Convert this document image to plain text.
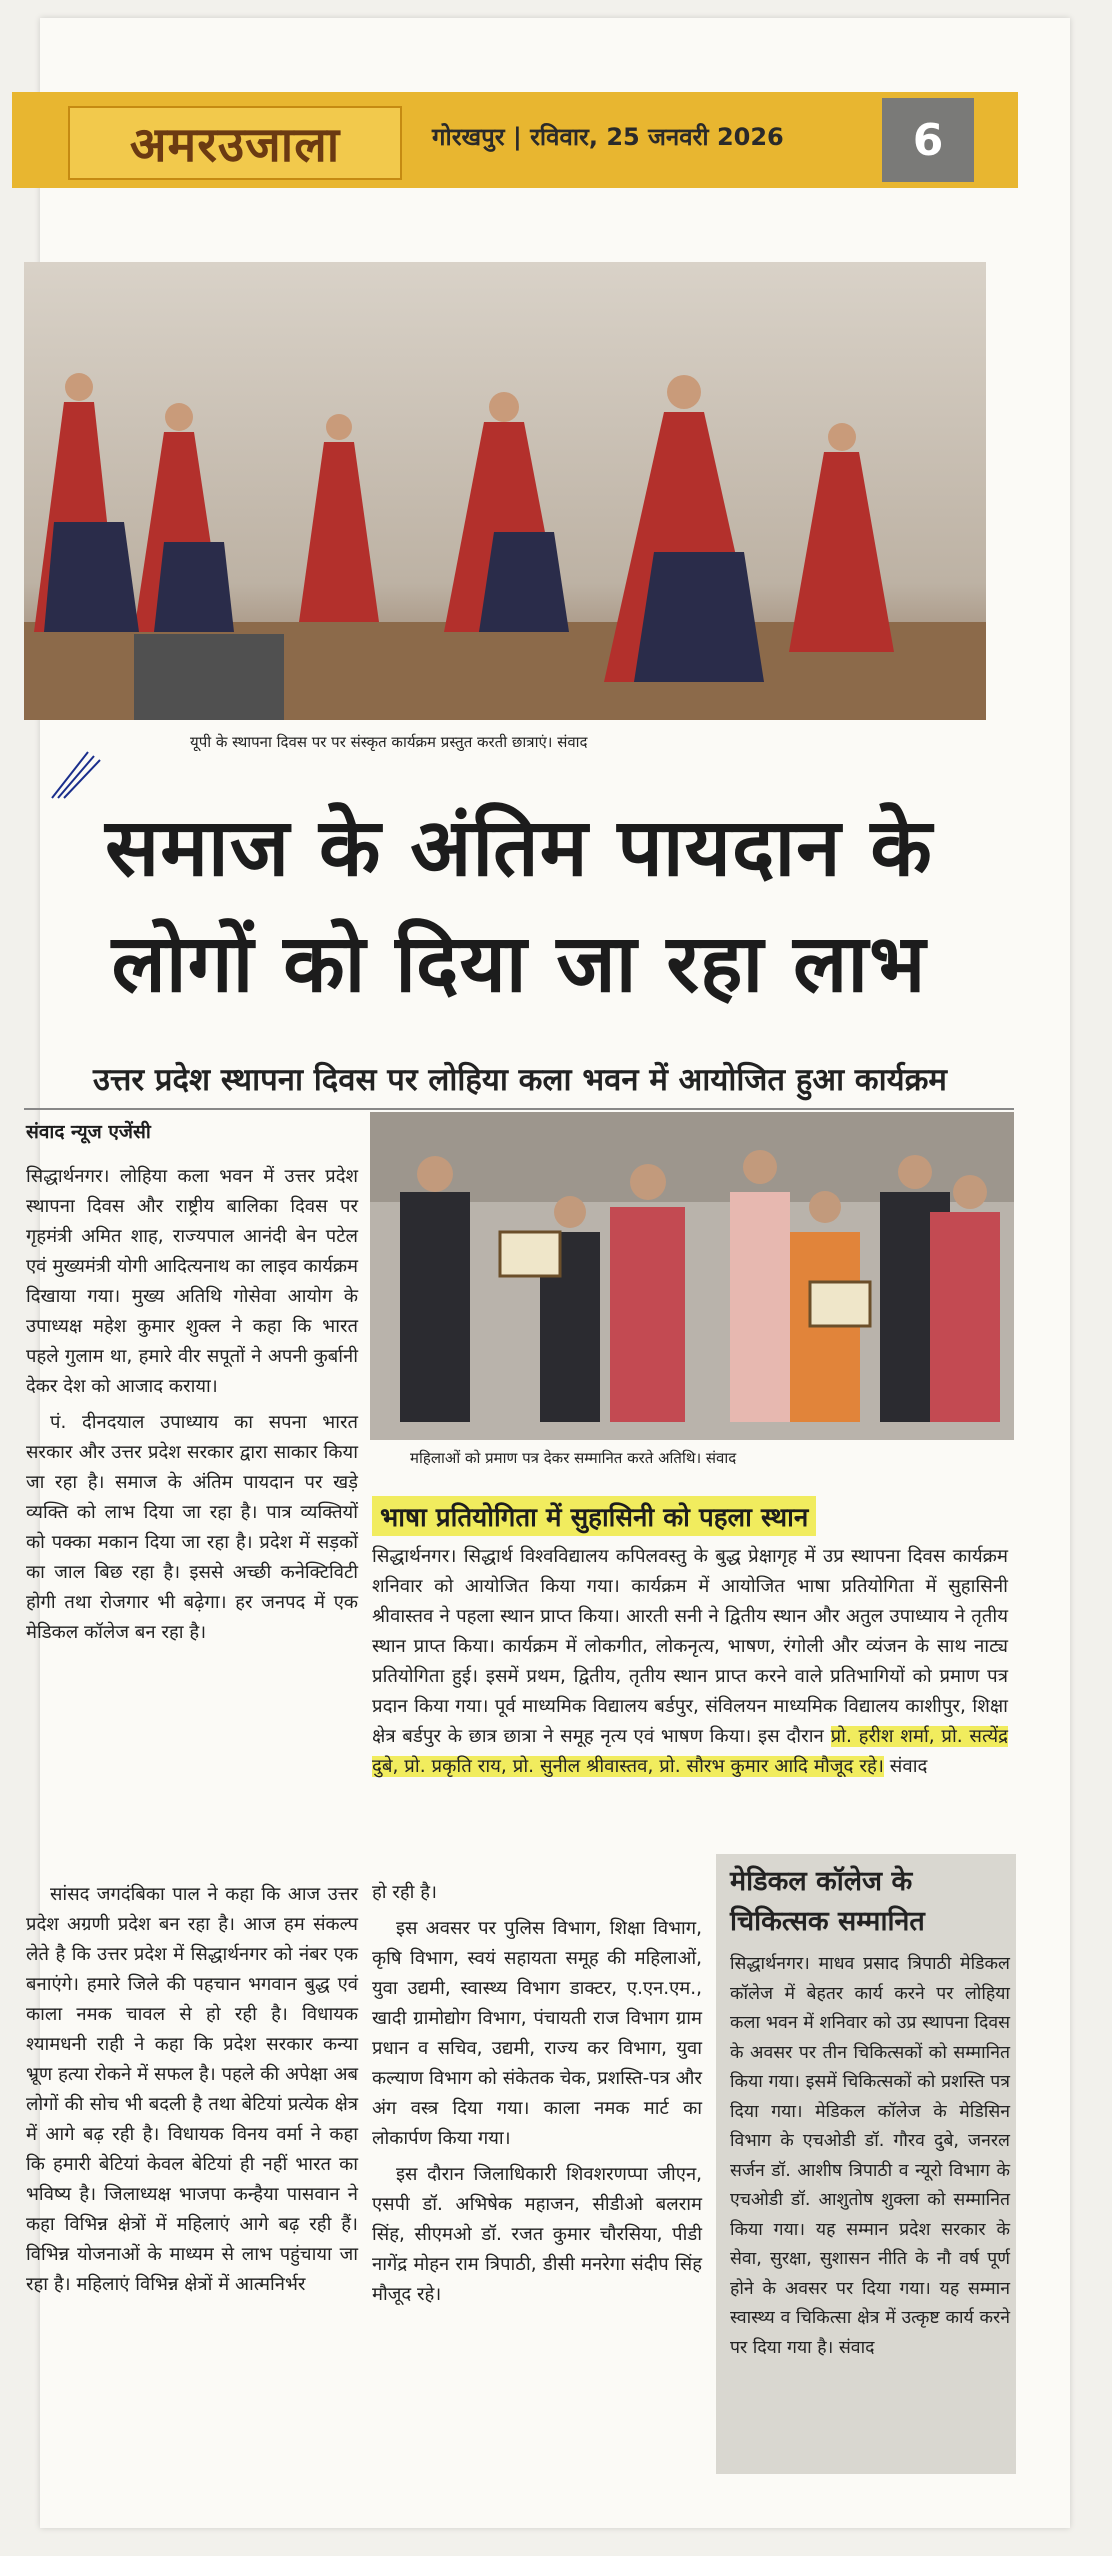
अमरउजाला	गोरखपुर | रविवार, 25 जनवरी 2026	6
यूपी के स्थापना दिवस पर पर संस्कृत कार्यक्रम प्रस्तुत करती छात्राएं। संवाद
समाज के अंतिम पायदान के
लोगों को दिया जा रहा लाभ
उत्तर प्रदेश स्थापना दिवस पर लोहिया कला भवन में आयोजित हुआ कार्यक्रम
संवाद न्यूज एजेंसी

सिद्धार्थनगर। लोहिया कला भवन में उत्तर प्रदेश स्थापना दिवस और राष्ट्रीय बालिका दिवस पर गृहमंत्री अमित शाह, राज्यपाल आनंदी बेन पटेल एवं मुख्यमंत्री योगी आदित्यनाथ का लाइव कार्यक्रम दिखाया गया। मुख्य अतिथि गोसेवा आयोग के उपाध्यक्ष महेश कुमार शुक्ल ने कहा कि भारत पहले गुलाम था, हमारे वीर सपूतों ने अपनी कुर्बानी देकर देश को आजाद कराया।

पं. दीनदयाल उपाध्याय का सपना भारत सरकार और उत्तर प्रदेश सरकार द्वारा साकार किया जा रहा है। समाज के अंतिम पायदान पर खड़े व्यक्ति को लाभ दिया जा रहा है। पात्र व्यक्तियों को पक्का मकान दिया जा रहा है। प्रदेश में सड़कों का जाल बिछ रहा है। इससे अच्छी कनेक्टिविटी होगी तथा रोजगार भी बढ़ेगा। हर जनपद में एक मेडिकल कॉलेज बन रहा है।

सांसद जगदंबिका पाल ने कहा कि आज उत्तर प्रदेश अग्रणी प्रदेश बन रहा है। आज हम संकल्प लेते है कि उत्तर प्रदेश में सिद्धार्थनगर को नंबर एक बनाएंगे। हमारे जिले की पहचान भगवान बुद्ध एवं काला नमक चावल से हो रही है। विधायक श्यामधनी राही ने कहा कि प्रदेश सरकार कन्या भ्रूण हत्या रोकने में सफल है। पहले की अपेक्षा अब लोगों की सोच भी बदली है तथा बेटियां प्रत्येक क्षेत्र में आगे बढ़ रही है। विधायक विनय वर्मा ने कहा कि हमारी बेटियां केवल बेटियां ही नहीं भारत का भविष्य है। जिलाध्यक्ष भाजपा कन्हैया पासवान ने कहा विभिन्न क्षेत्रों में महिलाएं आगे बढ़ रही हैं। विभिन्न योजनाओं के माध्यम से लाभ पहुंचाया जा रहा है। महिलाएं विभिन्न क्षेत्रों में आत्मनिर्भर

महिलाओं को प्रमाण पत्र देकर सम्मानित करते अतिथि। संवाद
भाषा प्रतियोगिता में सुहासिनी को पहला स्थान
सिद्धार्थनगर। सिद्धार्थ विश्वविद्यालय कपिलवस्तु के बुद्ध प्रेक्षागृह में उप्र स्थापना दिवस कार्यक्रम शनिवार को आयोजित किया गया। कार्यक्रम में आयोजित भाषा प्रतियोगिता में सुहासिनी श्रीवास्तव ने पहला स्थान प्राप्त किया। आरती सनी ने द्वितीय स्थान और अतुल उपाध्याय ने तृतीय स्थान प्राप्त किया। कार्यक्रम में लोकगीत, लोकनृत्य, भाषण, रंगोली और व्यंजन के साथ नाट्य प्रतियोगिता हुई। इसमें प्रथम, द्वितीय, तृतीय स्थान प्राप्त करने वाले प्रतिभागियों को प्रमाण पत्र प्रदान किया गया। पूर्व माध्यमिक विद्यालय बर्डपुर, संविलयन माध्यमिक विद्यालय काशीपुर, शिक्षा क्षेत्र बर्डपुर के छात्र छात्रा ने समूह नृत्य एवं भाषण किया। इस दौरान प्रो. हरीश शर्मा, प्रो. सत्येंद्र दुबे, प्रो. प्रकृति राय, प्रो. सुनील श्रीवास्तव, प्रो. सौरभ कुमार आदि मौजूद रहे। संवाद

हो रही है।

इस अवसर पर पुलिस विभाग, शिक्षा विभाग, कृषि विभाग, स्वयं सहायता समूह की महिलाओं, युवा उद्यमी, स्वास्थ्य विभाग डाक्टर, ए.एन.एम., खादी ग्रामोद्योग विभाग, पंचायती राज विभाग ग्राम प्रधान व सचिव, उद्यमी, राज्य कर विभाग, युवा कल्याण विभाग को संकेतक चेक, प्रशस्ति-पत्र और अंग वस्त्र दिया गया। काला नमक मार्ट का लोकार्पण किया गया।

इस दौरान जिलाधिकारी शिवशरणप्पा जीएन, एसपी डॉ. अभिषेक महाजन, सीडीओ बलराम सिंह, सीएमओ डॉ. रजत कुमार चौरसिया, पीडी नागेंद्र मोहन राम त्रिपाठी, डीसी मनरेगा संदीप सिंह मौजूद रहे।

मेडिकल कॉलेज के चिकित्सक सम्मानित

सिद्धार्थनगर। माधव प्रसाद त्रिपाठी मेडिकल कॉलेज में बेहतर कार्य करने पर लोहिया कला भवन में शनिवार को उप्र स्थापना दिवस के अवसर पर तीन चिकित्सकों को सम्मानित किया गया। इसमें चिकित्सकों को प्रशस्ति पत्र दिया गया। मेडिकल कॉलेज के मेडिसिन विभाग के एचओडी डॉ. गौरव दुबे, जनरल सर्जन डॉ. आशीष त्रिपाठी व न्यूरो विभाग के एचओडी डॉ. आशुतोष शुक्ला को सम्मानित किया गया। यह सम्मान प्रदेश सरकार के सेवा, सुरक्षा, सुशासन नीति के नौ वर्ष पूर्ण होने के अवसर पर दिया गया। यह सम्मान स्वास्थ्य व चिकित्सा क्षेत्र में उत्कृष्ट कार्य करने पर दिया गया है। संवाद
